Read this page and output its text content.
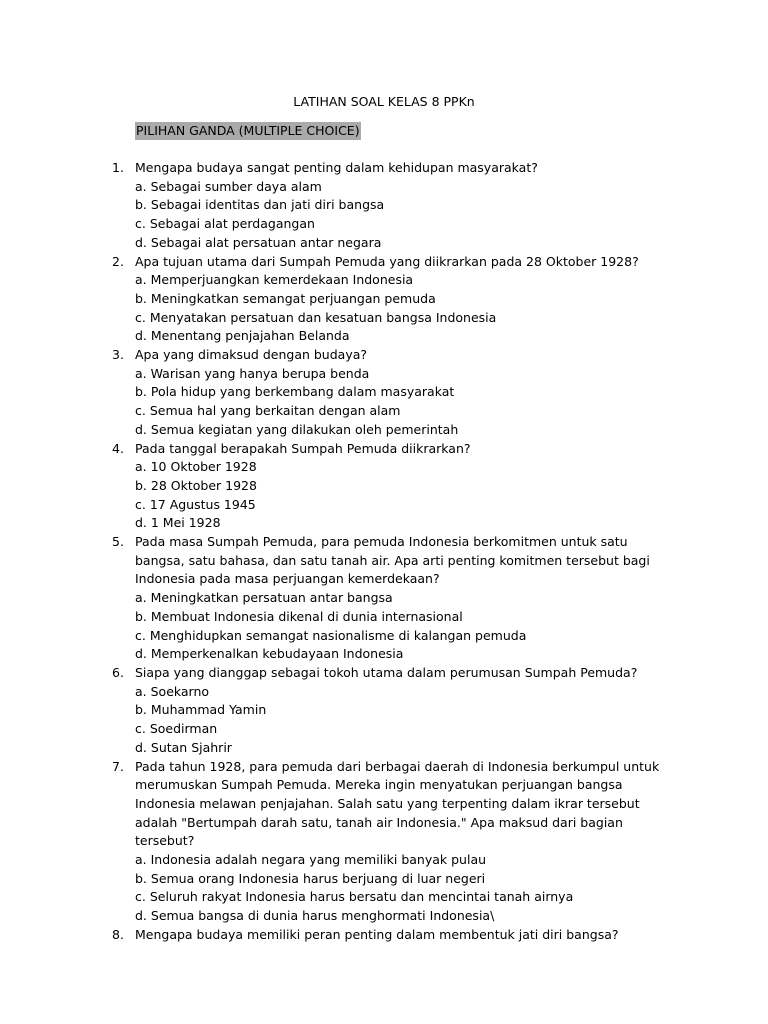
LATIHAN SOAL KELAS 8 PPKn
PILIHAN GANDA (MULTIPLE CHOICE)
1. Mengapa budaya sangat penting dalam kehidupan masyarakat?
a. Sebagai sumber daya alam
b. Sebagai identitas dan jati diri bangsa
c. Sebagai alat perdagangan
d. Sebagai alat persatuan antar negara
2. Apa tujuan utama dari Sumpah Pemuda yang diikrarkan pada 28 Oktober 1928?
a. Memperjuangkan kemerdekaan Indonesia
b. Meningkatkan semangat perjuangan pemuda
c. Menyatakan persatuan dan kesatuan bangsa Indonesia
d. Menentang penjajahan Belanda
3. Apa yang dimaksud dengan budaya?
a. Warisan yang hanya berupa benda
b. Pola hidup yang berkembang dalam masyarakat
c. Semua hal yang berkaitan dengan alam
d. Semua kegiatan yang dilakukan oleh pemerintah
4. Pada tanggal berapakah Sumpah Pemuda diikrarkan?
a. 10 Oktober 1928
b. 28 Oktober 1928
c. 17 Agustus 1945
d. 1 Mei 1928
5. Pada masa Sumpah Pemuda, para pemuda Indonesia berkomitmen untuk satu bangsa, satu bahasa, dan satu tanah air. Apa arti penting komitmen tersebut bagi Indonesia pada masa perjuangan kemerdekaan?
a. Meningkatkan persatuan antar bangsa
b. Membuat Indonesia dikenal di dunia internasional
c. Menghidupkan semangat nasionalisme di kalangan pemuda
d. Memperkenalkan kebudayaan Indonesia
6. Siapa yang dianggap sebagai tokoh utama dalam perumusan Sumpah Pemuda?
a. Soekarno
b. Muhammad Yamin
c. Soedirman
d. Sutan Sjahrir
7. Pada tahun 1928, para pemuda dari berbagai daerah di Indonesia berkumpul untuk merumuskan Sumpah Pemuda. Mereka ingin menyatukan perjuangan bangsa Indonesia melawan penjajahan. Salah satu yang terpenting dalam ikrar tersebut adalah "Bertumpah darah satu, tanah air Indonesia." Apa maksud dari bagian tersebut?
a. Indonesia adalah negara yang memiliki banyak pulau
b. Semua orang Indonesia harus berjuang di luar negeri
c. Seluruh rakyat Indonesia harus bersatu dan mencintai tanah airnya
d. Semua bangsa di dunia harus menghormati Indonesia\
8. Mengapa budaya memiliki peran penting dalam membentuk jati diri bangsa?
